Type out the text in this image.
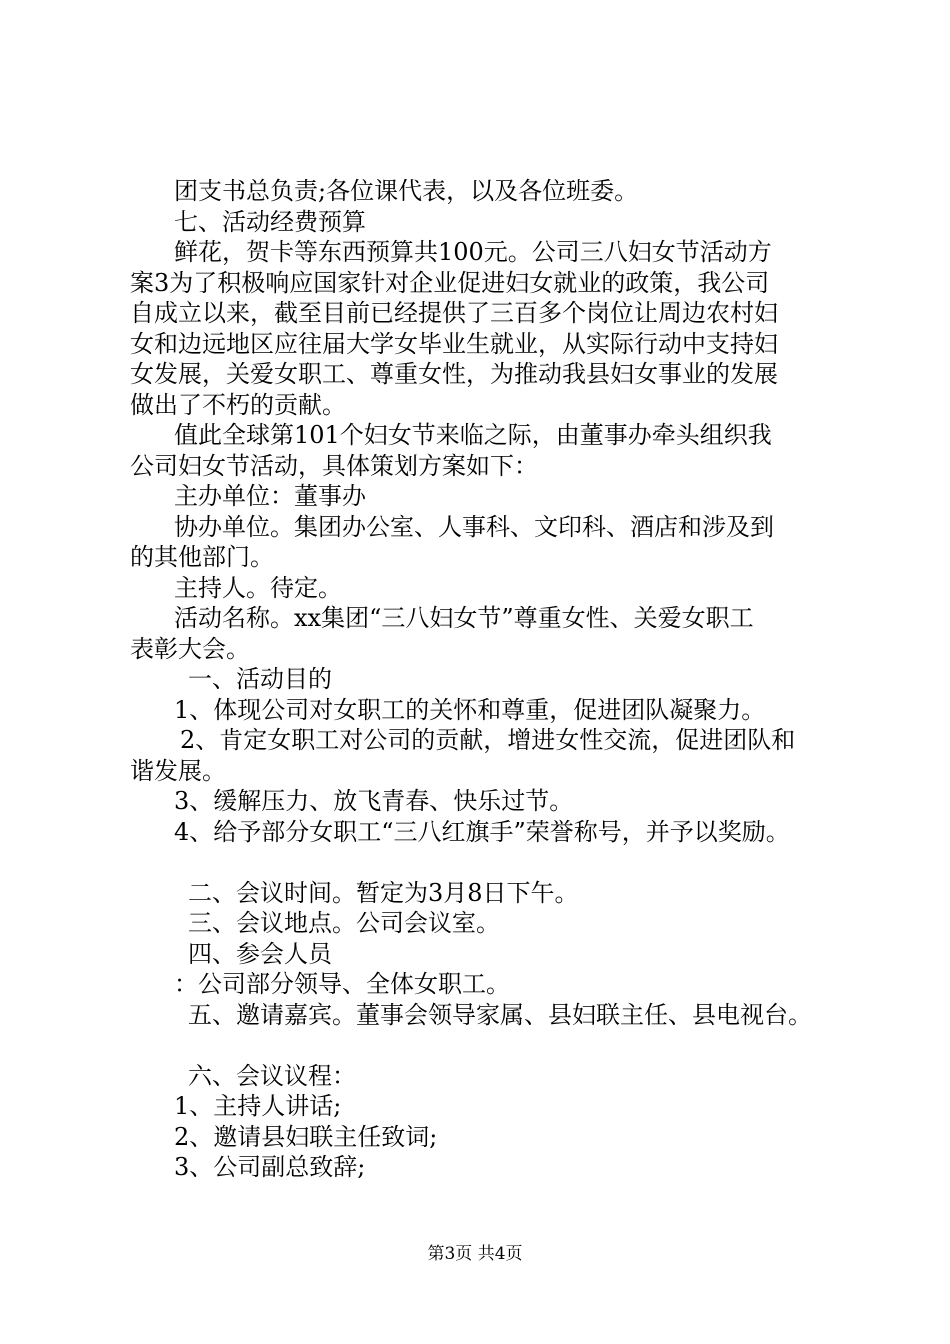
团支书总负责;各位课代表，以及各位班委。

七、活动经费预算

鲜花，贺卡等东西预算共100元。公司三八妇女节活动方

案3为了积极响应国家针对企业促进妇女就业的政策，我公司

自成立以来，截至目前已经提供了三百多个岗位让周边农村妇

女和边远地区应往届大学女毕业生就业，从实际行动中支持妇

女发展，关爱女职工、尊重女性，为推动我县妇女事业的发展

做出了不朽的贡献。

值此全球第101个妇女节来临之际，由董事办牵头组织我

公司妇女节活动，具体策划方案如下：

主办单位：董事办

协办单位。集团办公室、人事科、文印科、酒店和涉及到

的其他部门。

主持人。待定。

活动名称。xx集团“三八妇女节”尊重女性、关爱女职工

表彰大会。

一、活动目的

1、体现公司对女职工的关怀和尊重，促进团队凝聚力。

2、肯定女职工对公司的贡献，增进女性交流，促进团队和

谐发展。

3、缓解压力、放飞青春、快乐过节。

4、给予部分女职工“三八红旗手”荣誉称号，并予以奖励。

二、会议时间。暂定为3月8日下午。

三、会议地点。公司会议室。

四、参会人员

：公司部分领导、全体女职工。

五、邀请嘉宾。董事会领导家属、县妇联主任、县电视台。

六、会议议程：

1、主持人讲话;

2、邀请县妇联主任致词;

3、公司副总致辞;

第3页 共4页
